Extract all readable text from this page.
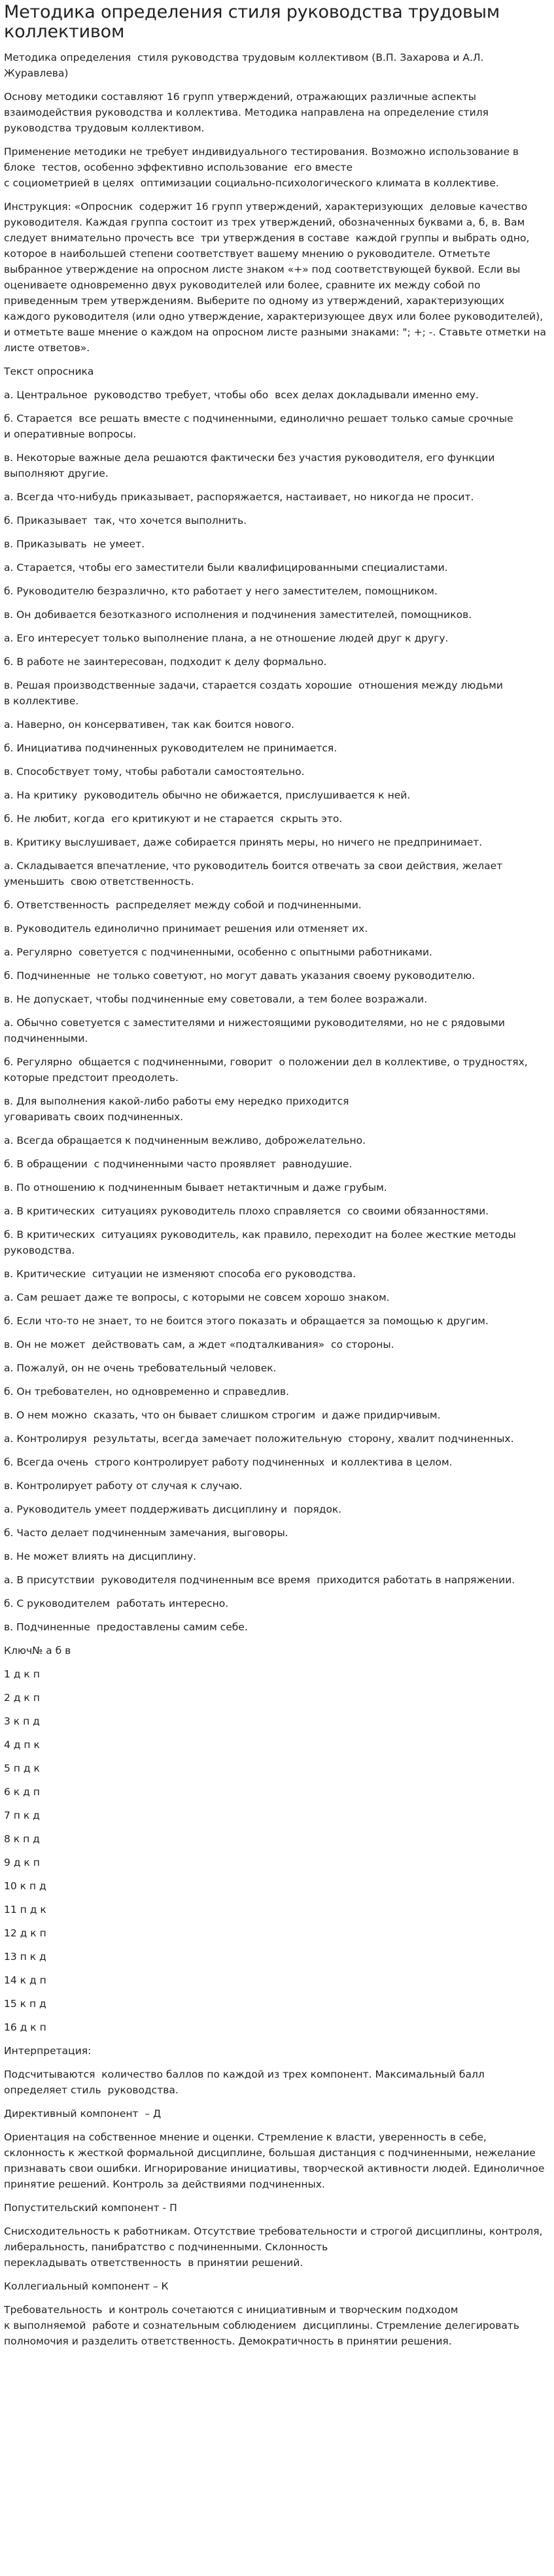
Методика определения стиля руководства трудовым коллективом

Методика определения  стиля руководства трудовым коллективом (В.П. Захарова и А.Л. Журавлева)

Основу методики составляют 16 групп утверждений, отражающих различные аспекты взаимодействия руководства и коллектива. Методика направлена на определение стиля руководства трудовым коллективом.

Применение методики не требует индивидуального тестирования. Возможно использование в блоке  тестов, особенно эффективно использование  его вместе
с социометрией в целях  оптимизации социально-психологического климата в коллективе.

Инструкция: «Опросник  содержит 16 групп утверждений, характеризующих  деловые качество руководителя. Каждая группа состоит из трех утверждений, обозначенных буквами а, б, в. Вам следует внимательно прочесть все  три утверждения в составе  каждой группы и выбрать одно, которое в наибольшей степени соответствует вашему мнению о руководителе. Отметьте выбранное утверждение на опросном листе знаком «+» под соответствующей буквой. Если вы оцениваете одновременно двух руководителей или более, сравните их между собой по приведенным трем утверждениям. Выберите по одному из утверждений, характеризующих каждого руководителя (или одно утверждение, характеризующее двух или более руководителей), и отметьте ваше мнение о каждом на опросном листе разными знаками: "; +; -. Ставьте отметки на листе ответов».

Текст опросника

а. Центральное  руководство требует, чтобы обо  всех делах докладывали именно ему.

б. Старается  все решать вместе с подчиненными, единолично решает только самые срочные
и оперативные вопросы.

в. Некоторые важные дела решаются фактически без участия руководителя, его функции выполняют другие.

а. Всегда что-нибудь приказывает, распоряжается, настаивает, но никогда не просит.

б. Приказывает  так, что хочется выполнить.

в. Приказывать  не умеет.

а. Старается, чтобы его заместители были квалифицированными специалистами.

б. Руководителю безразлично, кто работает у него заместителем, помощником.

в. Он добивается безотказного исполнения и подчинения заместителей, помощников.

а. Его интересует только выполнение плана, а не отношение людей друг к другу.

б. В работе не заинтересован, подходит к делу формально.

в. Решая производственные задачи, старается создать хорошие  отношения между людьми
в коллективе.

а. Наверно, он консервативен, так как боится нового.

б. Инициатива подчиненных руководителем не принимается.

в. Способствует тому, чтобы работали самостоятельно.

а. На критику  руководитель обычно не обижается, прислушивается к ней.

б. Не любит, когда  его критикуют и не старается  скрыть это.

в. Критику выслушивает, даже собирается принять меры, но ничего не предпринимает.

а. Складывается впечатление, что руководитель боится отвечать за свои действия, желает уменьшить  свою ответственность.

б. Ответственность  распределяет между собой и подчиненными.

в. Руководитель единолично принимает решения или отменяет их.

а. Регулярно  советуется с подчиненными, особенно с опытными работниками.

б. Подчиненные  не только советуют, но могут давать указания своему руководителю.

в. Не допускает, чтобы подчиненные ему советовали, а тем более возражали.

а. Обычно советуется с заместителями и нижестоящими руководителями, но не с рядовыми подчиненными.

б. Регулярно  общается с подчиненными, говорит  о положении дел в коллективе, о трудностях, которые предстоит преодолеть.

в. Для выполнения какой-либо работы ему нередко приходится
уговаривать своих подчиненных.

а. Всегда обращается к подчиненным вежливо, доброжелательно.

б. В обращении  с подчиненными часто проявляет  равнодушие.

в. По отношению к подчиненным бывает нетактичным и даже грубым.

а. В критических  ситуациях руководитель плохо справляется  со своими обязанностями.

б. В критических  ситуациях руководитель, как правило, переходит на более жесткие методы руководства.

в. Критические  ситуации не изменяют способа его руководства.

а. Сам решает даже те вопросы, с которыми не совсем хорошо знаком.

б. Если что-то не знает, то не боится этого показать и обращается за помощью к другим.

в. Он не может  действовать сам, а ждет «подталкивания»  со стороны.

а. Пожалуй, он не очень требовательный человек.

б. Он требователен, но одновременно и справедлив.

в. О нем можно  сказать, что он бывает слишком строгим  и даже придирчивым.

а. Контролируя  результаты, всегда замечает положительную  сторону, хвалит подчиненных.

б. Всегда очень  строго контролирует работу подчиненных  и коллектива в целом.

в. Контролирует работу от случая к случаю.

а. Руководитель умеет поддерживать дисциплину и  порядок.

б. Часто делает подчиненным замечания, выговоры.

в. Не может влиять на дисциплину.

а. В присутствии  руководителя подчиненным все время  приходится работать в напряжении.

б. С руководителем  работать интересно.

в. Подчиненные  предоставлены самим себе.

Ключ№ а б в

1 д к п

2 д к п

3 к п д

4 д п к

5 п д к

6 к д п

7 п к д

8 к п д

9 д к п

10 к п д

11 п д к

12 д к п

13 п к д

14 к д п

15 к п д

16 д к п

Интерпретация:

Подсчитываются  количество баллов по каждой из трех компонент. Максимальный балл определяет стиль  руководства.

Директивный компонент  – Д

Ориентация на собственное мнение и оценки. Стремление к власти, уверенность в себе, склонность к жесткой формальной дисциплине, большая дистанция с подчиненными, нежелание признавать свои ошибки. Игнорирование инициативы, творческой активности людей. Единоличное принятие решений. Контроль за действиями подчиненных.

Попустительский компонент - П

Снисходительность к работникам. Отсутствие требовательности и строгой дисциплины, контроля, либеральность, панибратство с подчиненными. Склонность
перекладывать ответственность  в принятии решений.

Коллегиальный компонент – К

Требовательность  и контроль сочетаются с инициативным и творческим подходом
к выполняемой  работе и сознательным соблюдением  дисциплины. Стремление делегировать полномочия и разделить ответственность. Демократичность в принятии решения.
